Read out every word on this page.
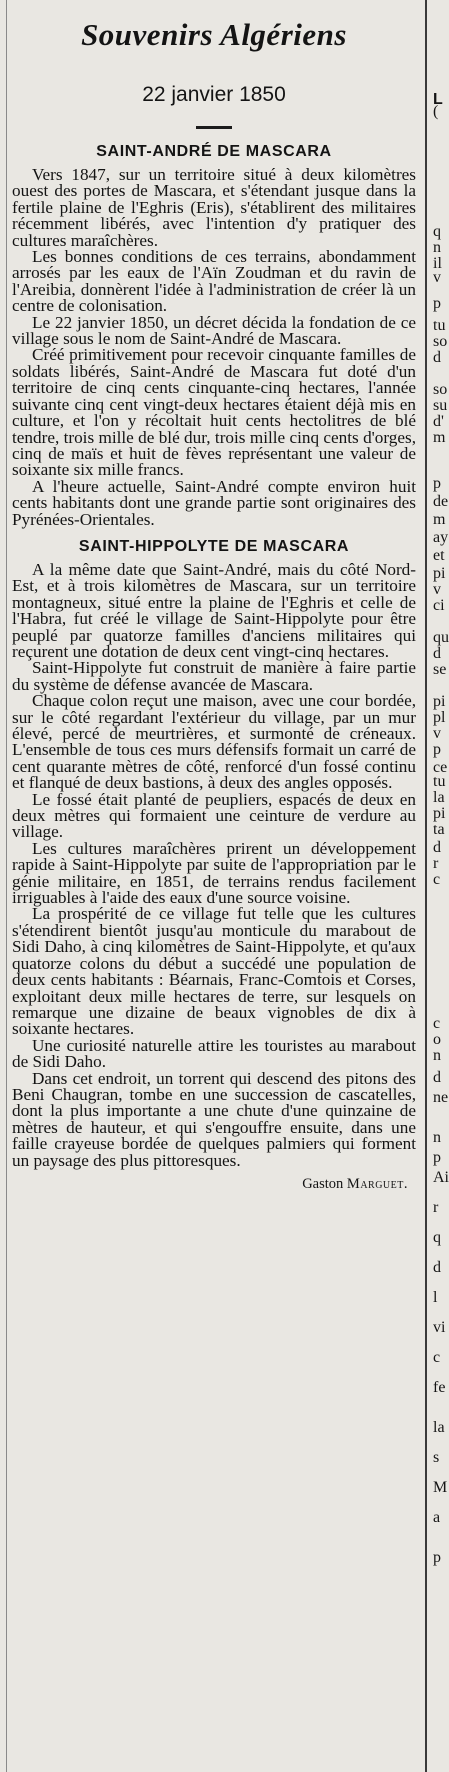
Souvenirs Algériens
22 janvier 1850
SAINT-ANDRÉ DE MASCARA

Vers 1847, sur un territoire situé à deux kilomètres ouest des portes de Mascara, et s'étendant jusque dans la fertile plaine de l'Eghris (Eris), s'établirent des militaires récemment libérés, avec l'intention d'y pratiquer des cultures maraîchères.

Les bonnes conditions de ces terrains, abondamment arrosés par les eaux de l'Aïn Zoudman et du ravin de l'Areibia, donnèrent l'idée à l'administration de créer là un centre de colonisation.

Le 22 janvier 1850, un décret décida la fondation de ce village sous le nom de Saint-André de Mascara.

Créé primitivement pour recevoir cinquante familles de soldats libérés, Saint-André de Mascara fut doté d'un territoire de cinq cents cinquante-cinq hectares, l'année suivante cinq cent vingt-deux hectares étaient déjà mis en culture, et l'on y récoltait huit cents hectolitres de blé tendre, trois mille de blé dur, trois mille cinq cents d'orges, cinq de maïs et huit de fèves représentant une valeur de soixante six mille francs.

A l'heure actuelle, Saint-André compte environ huit cents habitants dont une grande partie sont originaires des Pyrénées-Orientales.

SAINT-HIPPOLYTE DE MASCARA

A la même date que Saint-André, mais du côté Nord-Est, et à trois kilomètres de Mascara, sur un territoire montagneux, situé entre la plaine de l'Eghris et celle de l'Habra, fut créé le village de Saint-Hippolyte pour être peuplé par quatorze familles d'anciens militaires qui reçurent une dotation de deux cent vingt-cinq hectares.

Saint-Hippolyte fut construit de manière à faire partie du système de défense avancée de Mascara.

Chaque colon reçut une maison, avec une cour bordée, sur le côté regardant l'extérieur du village, par un mur élevé, percé de meurtrières, et surmonté de créneaux. L'ensemble de tous ces murs défensifs formait un carré de cent quarante mètres de côté, renforcé d'un fossé continu et flanqué de deux bastions, à deux des angles opposés.

Le fossé était planté de peupliers, espacés de deux en deux mètres qui formaient une ceinture de verdure au village.

Les cultures maraîchères prirent un développement rapide à Saint-Hippolyte par suite de l'appropriation par le génie militaire, en 1851, de terrains rendus facilement irriguables à l'aide des eaux d'une source voisine.

La prospérité de ce village fut telle que les cultures s'étendirent bientôt jusqu'au monticule du marabout de Sidi Daho, à cinq kilomètres de Saint-Hippolyte, et qu'aux quatorze colons du début a succédé une population de deux cents habitants : Béarnais, Franc-Comtois et Corses, exploitant deux mille hectares de terre, sur lesquels on remarque une dizaine de beaux vignobles de dix à soixante hectares.

Une curiosité naturelle attire les touristes au marabout de Sidi Daho.

Dans cet endroit, un torrent qui descend des pitons des Beni Chaugran, tombe en une succession de cascatelles, dont la plus importante a une chute d'une quinzaine de mètres de hauteur, et qui s'engouffre ensuite, dans une faille crayeuse bordée de quelques palmiers qui forment un paysage des plus pittoresques.

Gaston Marguet.
L
(
q
n
il
v
p
tu
so
d
so
su
d'
m
p
de
m
ay
et
pi
v
ci
qu
d
se
pi
pl
v
p
ce
tu
la
pi
ta
d
r
c
c
o
n
d
ne
n
p
Ai
r
q
d
l
vi
c
fe
la
s
M
a
p
